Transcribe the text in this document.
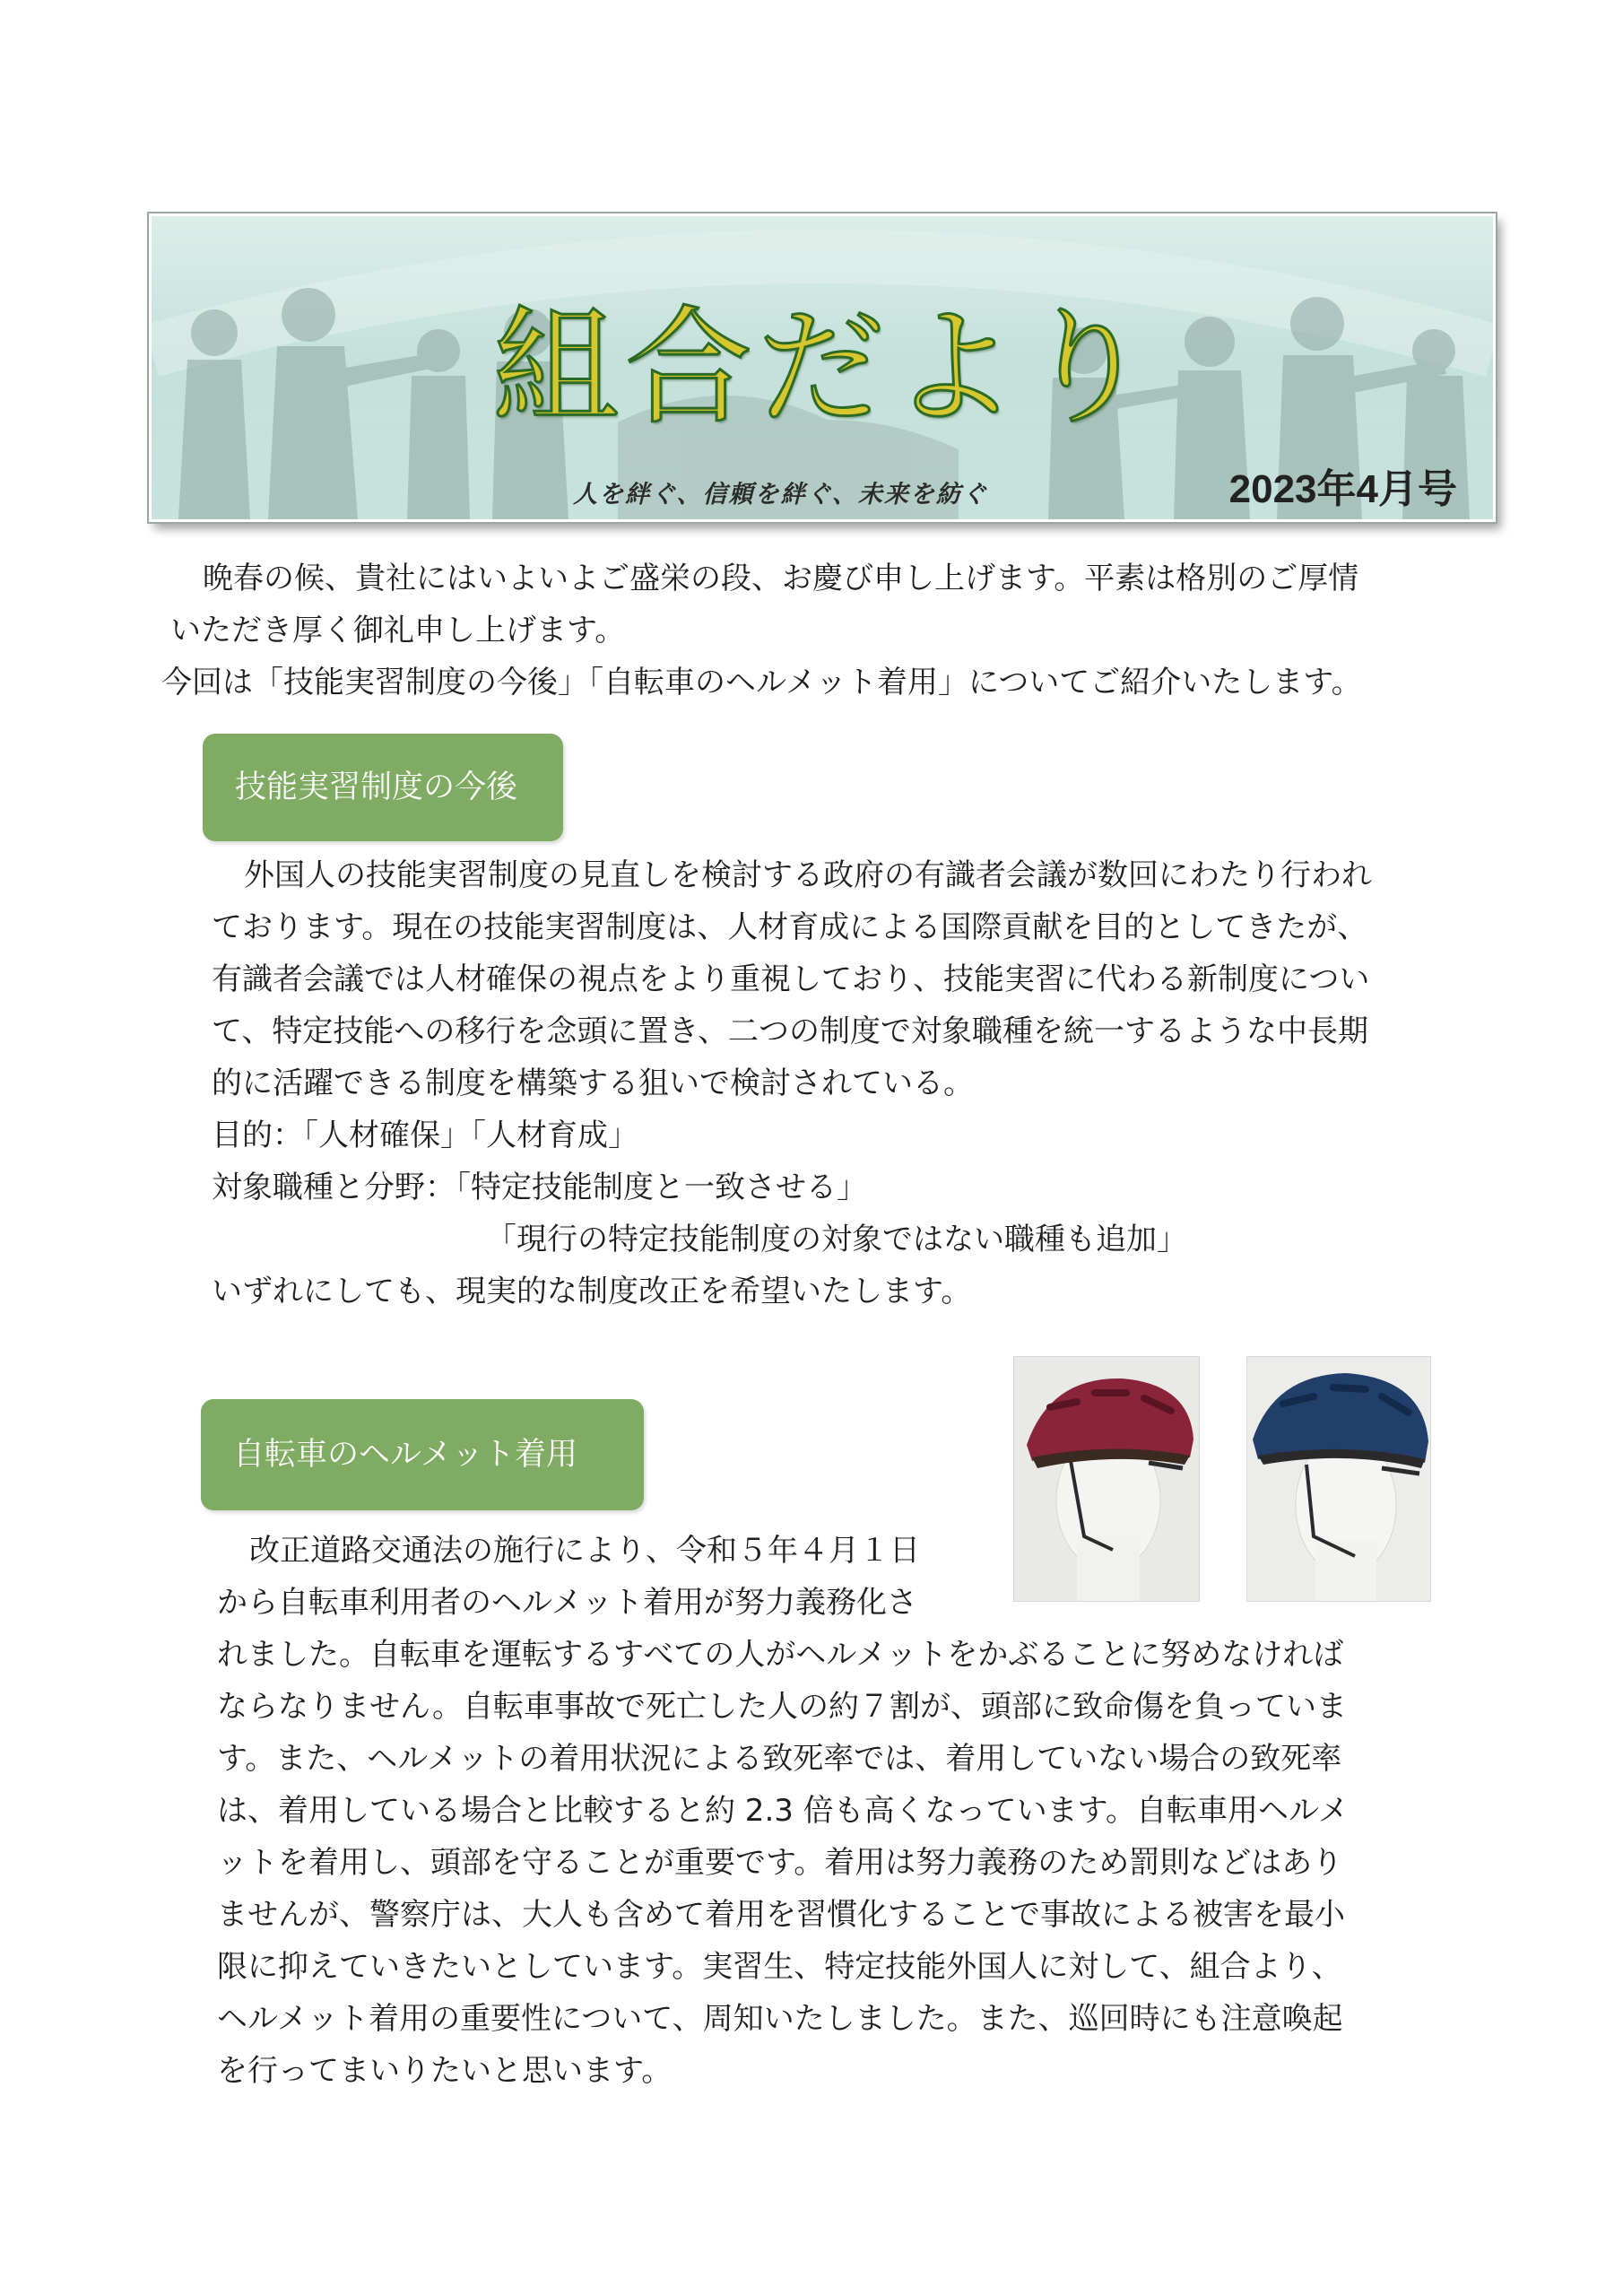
組合だより
人を絆ぐ、信頼を絆ぐ、未来を紡ぐ	2023年4月号
晩春の候、貴社にはいよいよご盛栄の段、お慶び申し上げます。平素は格別のご厚情
いただき厚く御礼申し上げます。
今回は「技能実習制度の今後」「自転車のヘルメット着用」についてご紹介いたします。
技能実習制度の今後
外国人の技能実習制度の見直しを検討する政府の有識者会議が数回にわたり行われ
ております。現在の技能実習制度は、人材育成による国際貢献を目的としてきたが、
有識者会議では人材確保の視点をより重視しており、技能実習に代わる新制度につい
て、特定技能への移行を念頭に置き、二つの制度で対象職種を統一するような中長期
的に活躍できる制度を構築する狙いで検討されている。
目的：「人材確保」「人材育成」
対象職種と分野：「特定技能制度と一致させる」
「現行の特定技能制度の対象ではない職種も追加」
いずれにしても、現実的な制度改正を希望いたします。
自転車のヘルメット着用
改正道路交通法の施行により、令和５年４月１日
から自転車利用者のヘルメット着用が努力義務化さ
れました。自転車を運転するすべての人がヘルメットをかぶることに努めなければ
ならなりません。自転車事故で死亡した人の約７割が、頭部に致命傷を負っていま
す。また、ヘルメットの着用状況による致死率では、着用していない場合の致死率
は、着用している場合と比較すると約 2.3 倍も高くなっています。自転車用ヘルメ
ットを着用し、頭部を守ることが重要です。着用は努力義務のため罰則などはあり
ませんが、警察庁は、大人も含めて着用を習慣化することで事故による被害を最小
限に抑えていきたいとしています。実習生、特定技能外国人に対して、組合より、
ヘルメット着用の重要性について、周知いたしました。また、巡回時にも注意喚起
を行ってまいりたいと思います。
